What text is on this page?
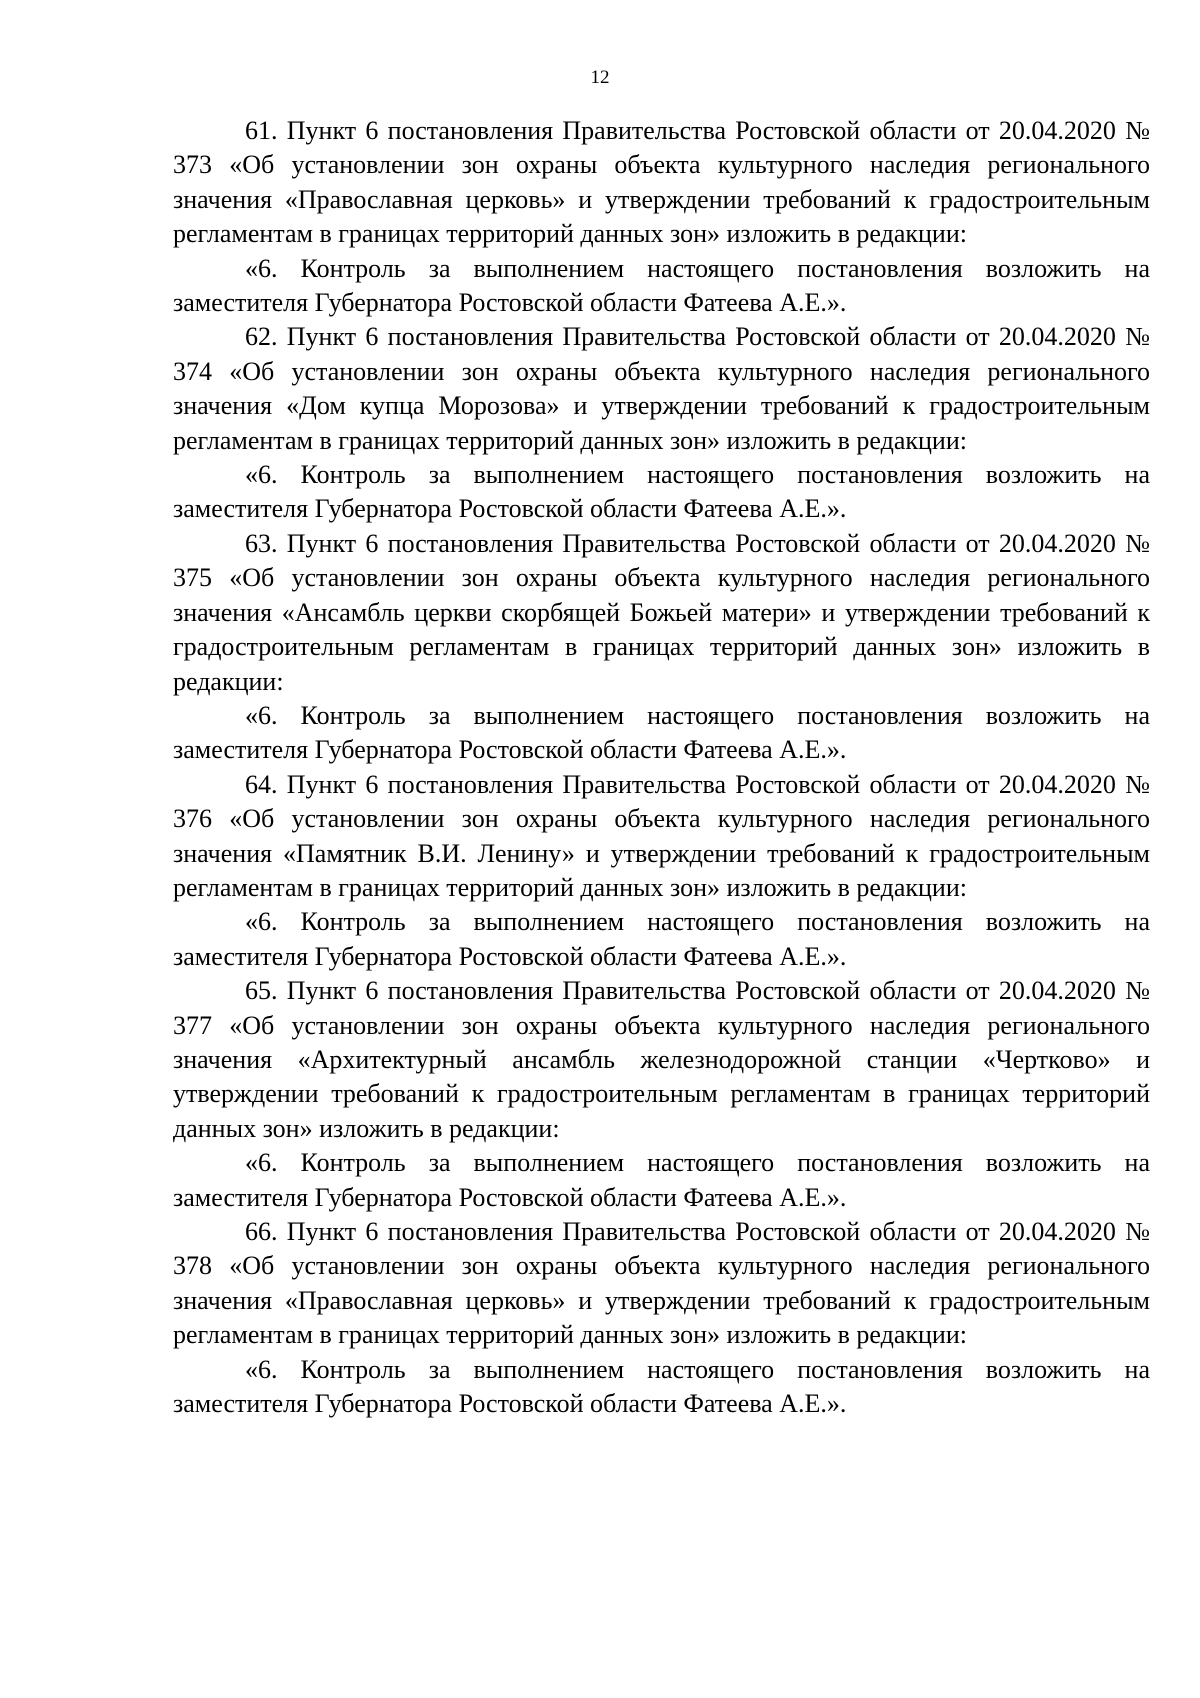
12

61. Пункт 6 постановления Правительства Ростовской области от 20.04.2020 № 373 «Об установлении зон охраны объекта культурного наследия регионального значения «Православная церковь» и утверждении требований к градостроительным регламентам в границах территорий данных зон» изложить в редакции:

«6. Контроль за выполнением настоящего постановления возложить на заместителя Губернатора Ростовской области Фатеева А.Е.».

62. Пункт 6 постановления Правительства Ростовской области от 20.04.2020 № 374 «Об установлении зон охраны объекта культурного наследия регионального значения «Дом купца Морозова» и утверждении требований к градостроительным регламентам в границах территорий данных зон» изложить в редакции:

«6. Контроль за выполнением настоящего постановления возложить на заместителя Губернатора Ростовской области Фатеева А.Е.».

63. Пункт 6 постановления Правительства Ростовской области от 20.04.2020 № 375 «Об установлении зон охраны объекта культурного наследия регионального значения «Ансамбль церкви скорбящей Божьей матери» и утверждении требований к градостроительным регламентам в границах территорий данных зон» изложить в редакции:

«6. Контроль за выполнением настоящего постановления возложить на заместителя Губернатора Ростовской области Фатеева А.Е.».

64. Пункт 6 постановления Правительства Ростовской области от 20.04.2020 № 376 «Об установлении зон охраны объекта культурного наследия регионального значения «Памятник В.И. Ленину» и утверждении требований к градостроительным регламентам в границах территорий данных зон» изложить в редакции:

«6. Контроль за выполнением настоящего постановления возложить на заместителя Губернатора Ростовской области Фатеева А.Е.».

65. Пункт 6 постановления Правительства Ростовской области от 20.04.2020 № 377 «Об установлении зон охраны объекта культурного наследия регионального значения «Архитектурный ансамбль железнодорожной станции «Чертково» и утверждении требований к градостроительным регламентам в границах территорий данных зон» изложить в редакции:

«6. Контроль за выполнением настоящего постановления возложить на заместителя Губернатора Ростовской области Фатеева А.Е.».

66. Пункт 6 постановления Правительства Ростовской области от 20.04.2020 № 378 «Об установлении зон охраны объекта культурного наследия регионального значения «Православная церковь» и утверждении требований к градостроительным регламентам в границах территорий данных зон» изложить в редакции:

«6. Контроль за выполнением настоящего постановления возложить на заместителя Губернатора Ростовской области Фатеева А.Е.».
